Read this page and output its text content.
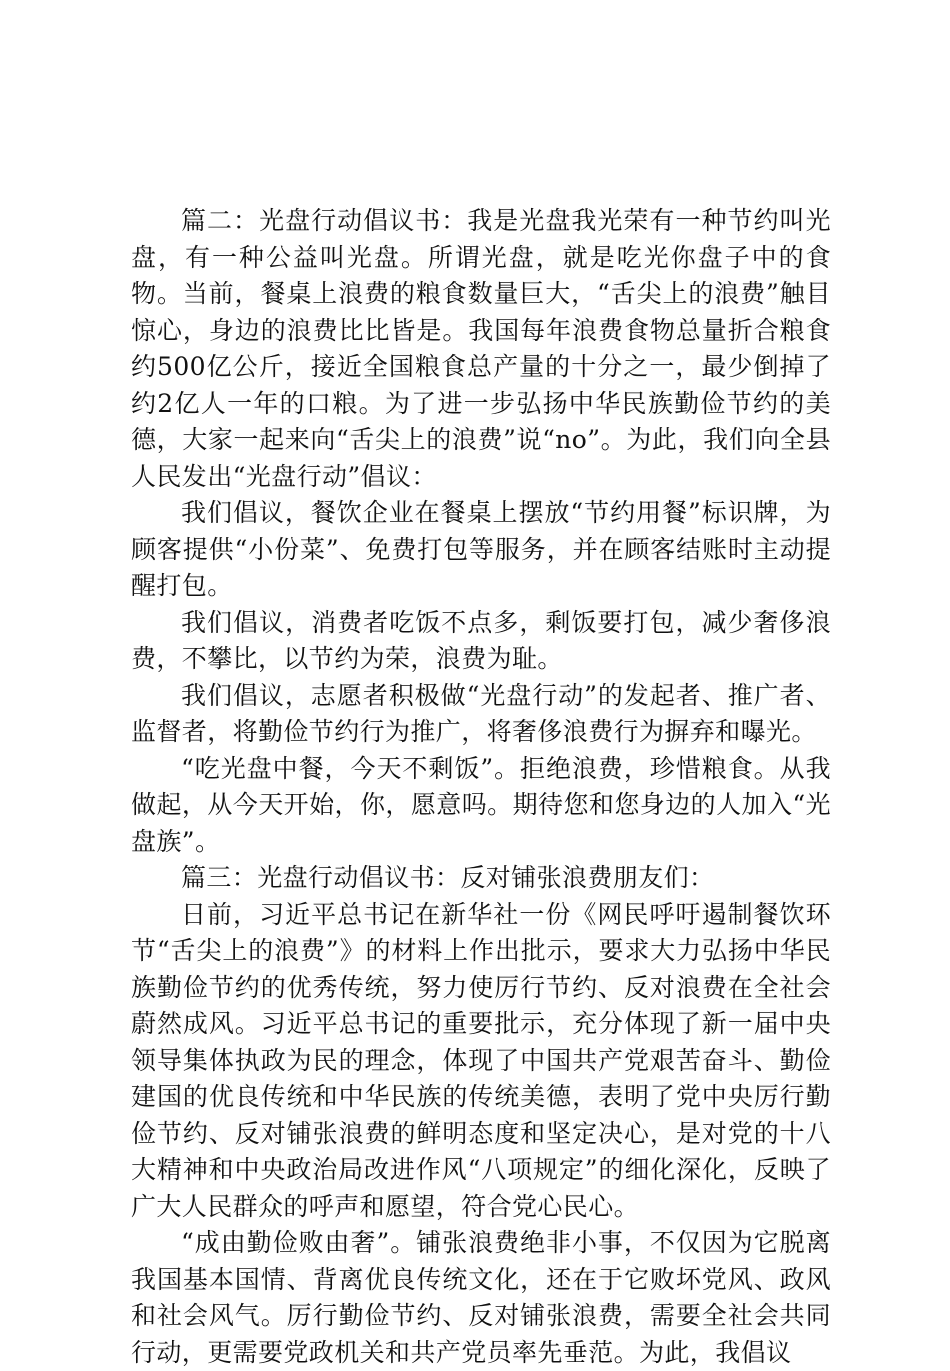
篇二：光盘行动倡议书：我是光盘我光荣有一种节约叫光盘，有一种公益叫光盘。所谓光盘，就是吃光你盘子中的食物。当前，餐桌上浪费的粮食数量巨大，“舌尖上的浪费”触目惊心，身边的浪费比比皆是。我国每年浪费食物总量折合粮食约500亿公斤，接近全国粮食总产量的十分之一，最少倒掉了约2亿人一年的口粮。为了进一步弘扬中华民族勤俭节约的美德，大家一起来向“舌尖上的浪费”说“no”。为此，我们向全县人民发出“光盘行动”倡议：

我们倡议，餐饮企业在餐桌上摆放“节约用餐”标识牌，为顾客提供“小份菜”、免费打包等服务，并在顾客结账时主动提醒打包。

我们倡议，消费者吃饭不点多，剩饭要打包，减少奢侈浪费，不攀比，以节约为荣，浪费为耻。

我们倡议，志愿者积极做“光盘行动”的发起者、推广者、监督者，将勤俭节约行为推广，将奢侈浪费行为摒弃和曝光。

“吃光盘中餐，今天不剩饭”。拒绝浪费，珍惜粮食。从我做起，从今天开始，你，愿意吗。期待您和您身边的人加入“光盘族”。

篇三：光盘行动倡议书：反对铺张浪费朋友们：

日前，习近平总书记在新华社一份《网民呼吁遏制餐饮环节“舌尖上的浪费”》的材料上作出批示，要求大力弘扬中华民族勤俭节约的优秀传统，努力使厉行节约、反对浪费在全社会蔚然成风。习近平总书记的重要批示，充分体现了新一届中央领导集体执政为民的理念，体现了中国共产党艰苦奋斗、勤俭建国的优良传统和中华民族的传统美德，表明了党中央厉行勤俭节约、反对铺张浪费的鲜明态度和坚定决心，是对党的十八大精神和中央政治局改进作风“八项规定”的细化深化，反映了广大人民群众的呼声和愿望，符合党心民心。

“成由勤俭败由奢”。铺张浪费绝非小事，不仅因为它脱离我国基本国情、背离优良传统文化，还在于它败坏党风、政风和社会风气。厉行勤俭节约、反对铺张浪费，需要全社会共同行动，更需要党政机关和共产党员率先垂范。为此，我倡议
